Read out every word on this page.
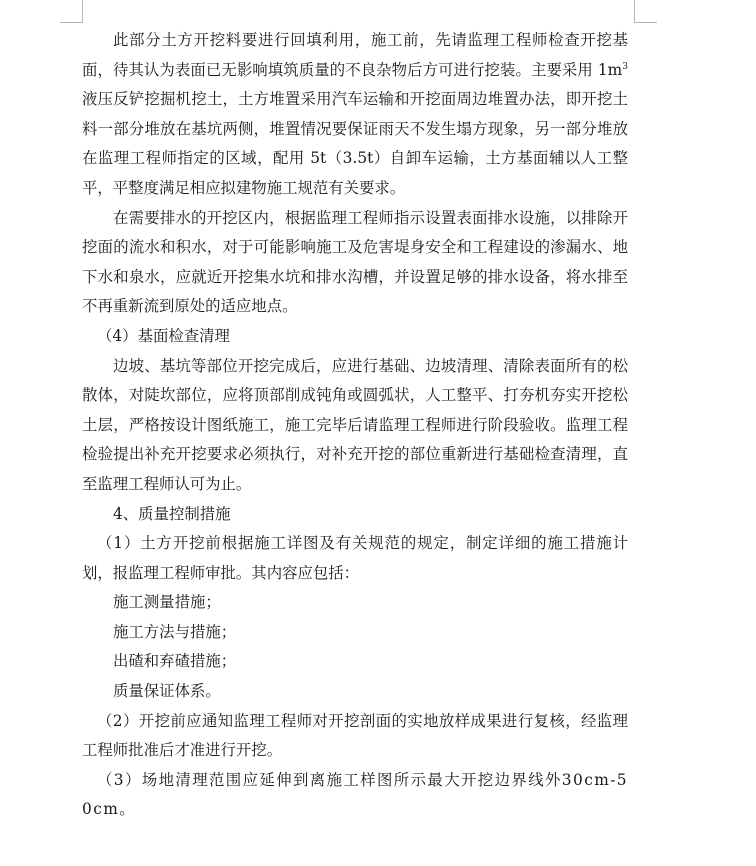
此部分土方开挖料要进行回填利用，施工前，先请监理工程师检查开挖基面，待其认为表面已无影响填筑质量的不良杂物后方可进行挖装。主要采用 $1m^3$液压反铲挖掘机挖土，土方堆置采用汽车运输和开挖面周边堆置办法，即开挖土料一部分堆放在基坑两侧，堆置情况要保证雨天不发生塌方现象，另一部分堆放在监理工程师指定的区域，配用 5t（3.5t）自卸车运输，土方基面辅以人工整平，平整度满足相应拟建物施工规范有关要求。

在需要排水的开挖区内，根据监理工程师指示设置表面排水设施，以排除开挖面的流水和积水，对于可能影响施工及危害堤身安全和工程建设的渗漏水、地下水和泉水，应就近开挖集水坑和排水沟槽，并设置足够的排水设备，将水排至不再重新流到原处的适应地点。

（4）基面检查清理

边坡、基坑等部位开挖完成后，应进行基础、边坡清理、清除表面所有的松散体，对陡坎部位，应将顶部削成钝角或圆弧状，人工整平、打夯机夯实开挖松土层，严格按设计图纸施工，施工完毕后请监理工程师进行阶段验收。监理工程检验提出补充开挖要求必须执行，对补充开挖的部位重新进行基础检查清理，直至监理工程师认可为止。

4、质量控制措施

（1）土方开挖前根据施工详图及有关规范的规定，制定详细的施工措施计划，报监理工程师审批。其内容应包括：

施工测量措施；

施工方法与措施；

出碴和弃碴措施；

质量保证体系。

（2）开挖前应通知监理工程师对开挖剖面的实地放样成果进行复核，经监理工程师批准后才准进行开挖。

（3）场地清理范围应延伸到离施工样图所示最大开挖边界线外30cm-50cm。
